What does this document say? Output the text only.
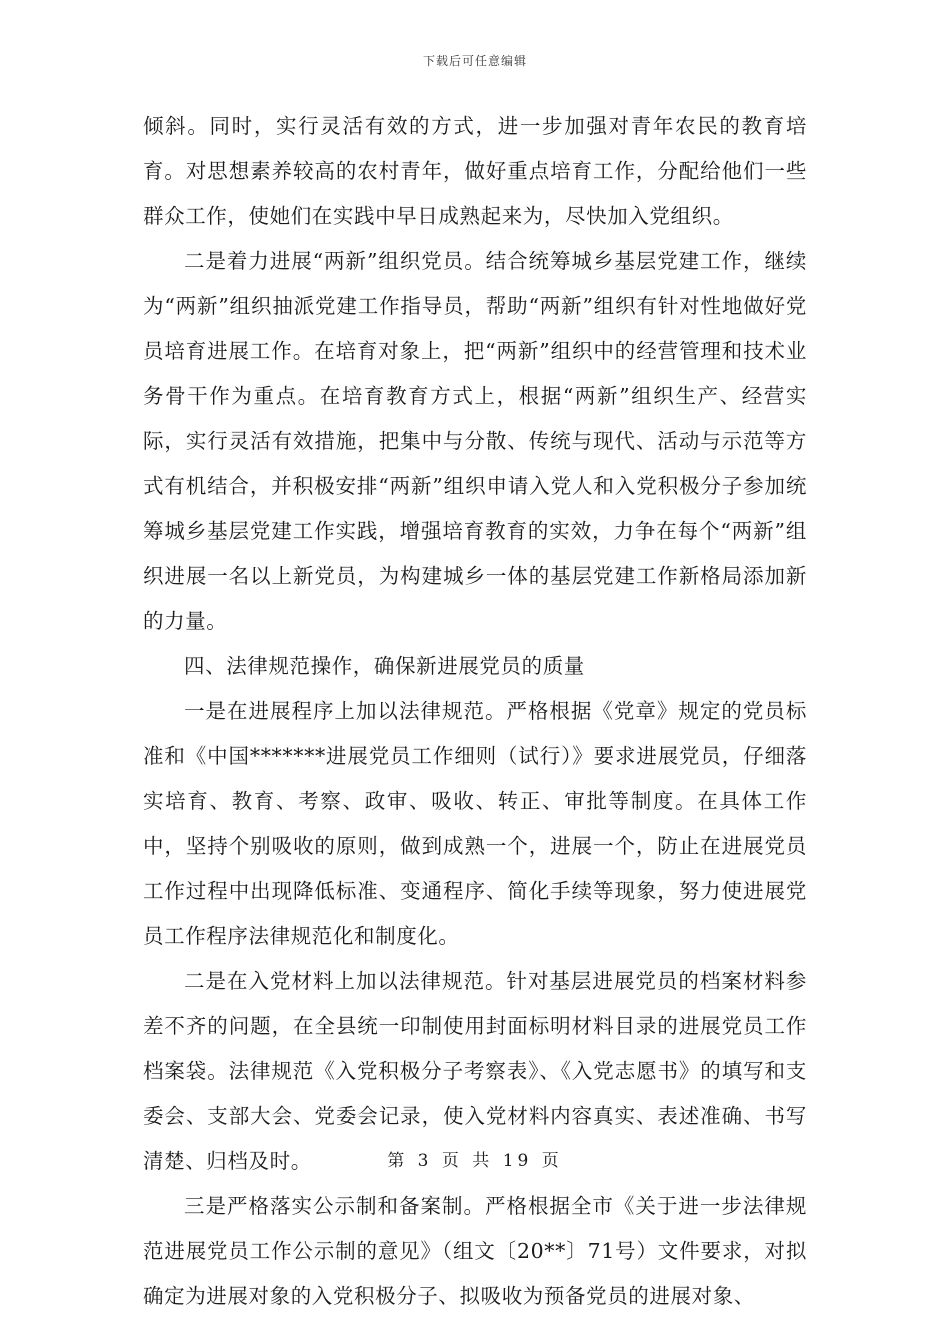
下载后可任意编辑

倾斜。同时，实行灵活有效的方式，进一步加强对青年农民的教育培育。对思想素养较高的农村青年，做好重点培育工作，分配给他们一些群众工作，使她们在实践中早日成熟起来为，尽快加入党组织。

二是着力进展“两新”组织党员。结合统筹城乡基层党建工作，继续为“两新”组织抽派党建工作指导员，帮助“两新”组织有针对性地做好党员培育进展工作。在培育对象上，把“两新”组织中的经营管理和技术业务骨干作为重点。在培育教育方式上，根据“两新”组织生产、经营实际，实行灵活有效措施，把集中与分散、传统与现代、活动与示范等方式有机结合，并积极安排“两新”组织申请入党人和入党积极分子参加统筹城乡基层党建工作实践，增强培育教育的实效，力争在每个“两新”组织进展一名以上新党员，为构建城乡一体的基层党建工作新格局添加新的力量。

四、法律规范操作，确保新进展党员的质量

一是在进展程序上加以法律规范。严格根据《党章》规定的党员标准和《中国*******进展党员工作细则（试行）》要求进展党员，仔细落实培育、教育、考察、政审、吸收、转正、审批等制度。在具体工作中，坚持个别吸收的原则，做到成熟一个，进展一个，防止在进展党员工作过程中出现降低标准、变通程序、简化手续等现象，努力使进展党员工作程序法律规范化和制度化。

二是在入党材料上加以法律规范。针对基层进展党员的档案材料参差不齐的问题，在全县统一印制使用封面标明材料目录的进展党员工作档案袋。法律规范《入党积极分子考察表》、《入党志愿书》的填写和支委会、支部大会、党委会记录，使入党材料内容真实、表述准确、书写清楚、归档及时。

三是严格落实公示制和备案制。严格根据全市《关于进一步法律规范进展党员工作公示制的意见》（组文〔20**〕71号）文件要求，对拟确定为进展对象的入党积极分子、拟吸收为预备党员的进展对象、

第 3 页 共 19 页
